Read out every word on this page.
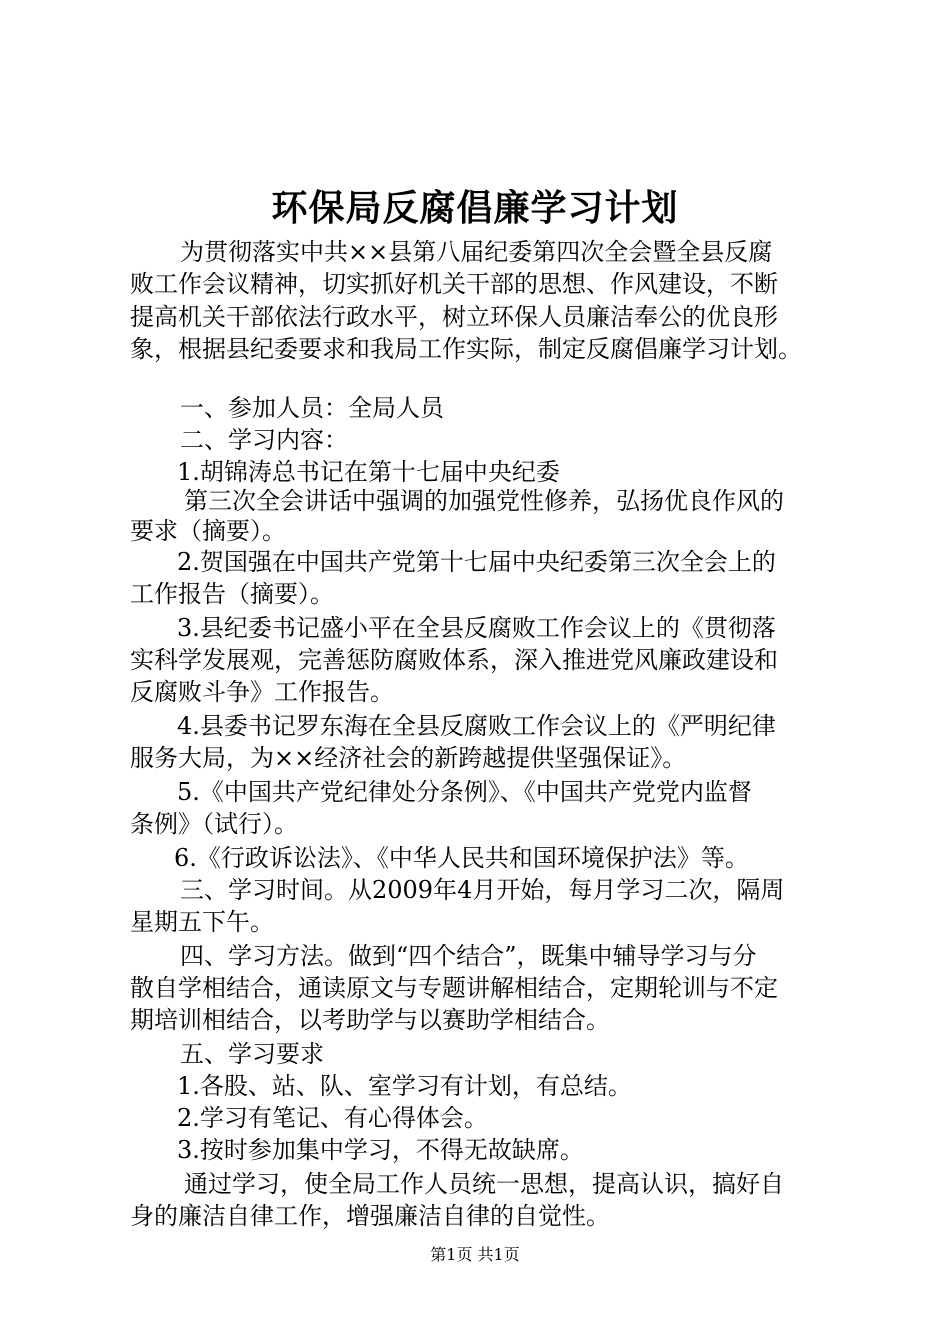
环保局反腐倡廉学习计划

为贯彻落实中共××县第八届纪委第四次全会暨全县反腐

败工作会议精神，切实抓好机关干部的思想、作风建设，不断

提高机关干部依法行政水平，树立环保人员廉洁奉公的优良形

象，根据县纪委要求和我局工作实际，制定反腐倡廉学习计划。

一、参加人员：全局人员

二、学习内容：

1.胡锦涛总书记在第十七届中央纪委

第三次全会讲话中强调的加强党性修养，弘扬优良作风的

要求（摘要）。

2.贺国强在中国共产党第十七届中央纪委第三次全会上的

工作报告（摘要）。

3.县纪委书记盛小平在全县反腐败工作会议上的《贯彻落

实科学发展观，完善惩防腐败体系，深入推进党风廉政建设和

反腐败斗争》工作报告。

4.县委书记罗东海在全县反腐败工作会议上的《严明纪律

服务大局，为××经济社会的新跨越提供坚强保证》。

5.《中国共产党纪律处分条例》、《中国共产党党内监督

条例》（试行）。

6.《行政诉讼法》、《中华人民共和国环境保护法》等。

三、学习时间。从2009年4月开始，每月学习二次，隔周

星期五下午。

四、学习方法。做到“四个结合”，既集中辅导学习与分

散自学相结合，通读原文与专题讲解相结合，定期轮训与不定

期培训相结合，以考助学与以赛助学相结合。

五、学习要求

1.各股、站、队、室学习有计划，有总结。

2.学习有笔记、有心得体会。

3.按时参加集中学习，不得无故缺席。

通过学习，使全局工作人员统一思想，提高认识，搞好自

身的廉洁自律工作，增强廉洁自律的自觉性。

第1页 共1页
